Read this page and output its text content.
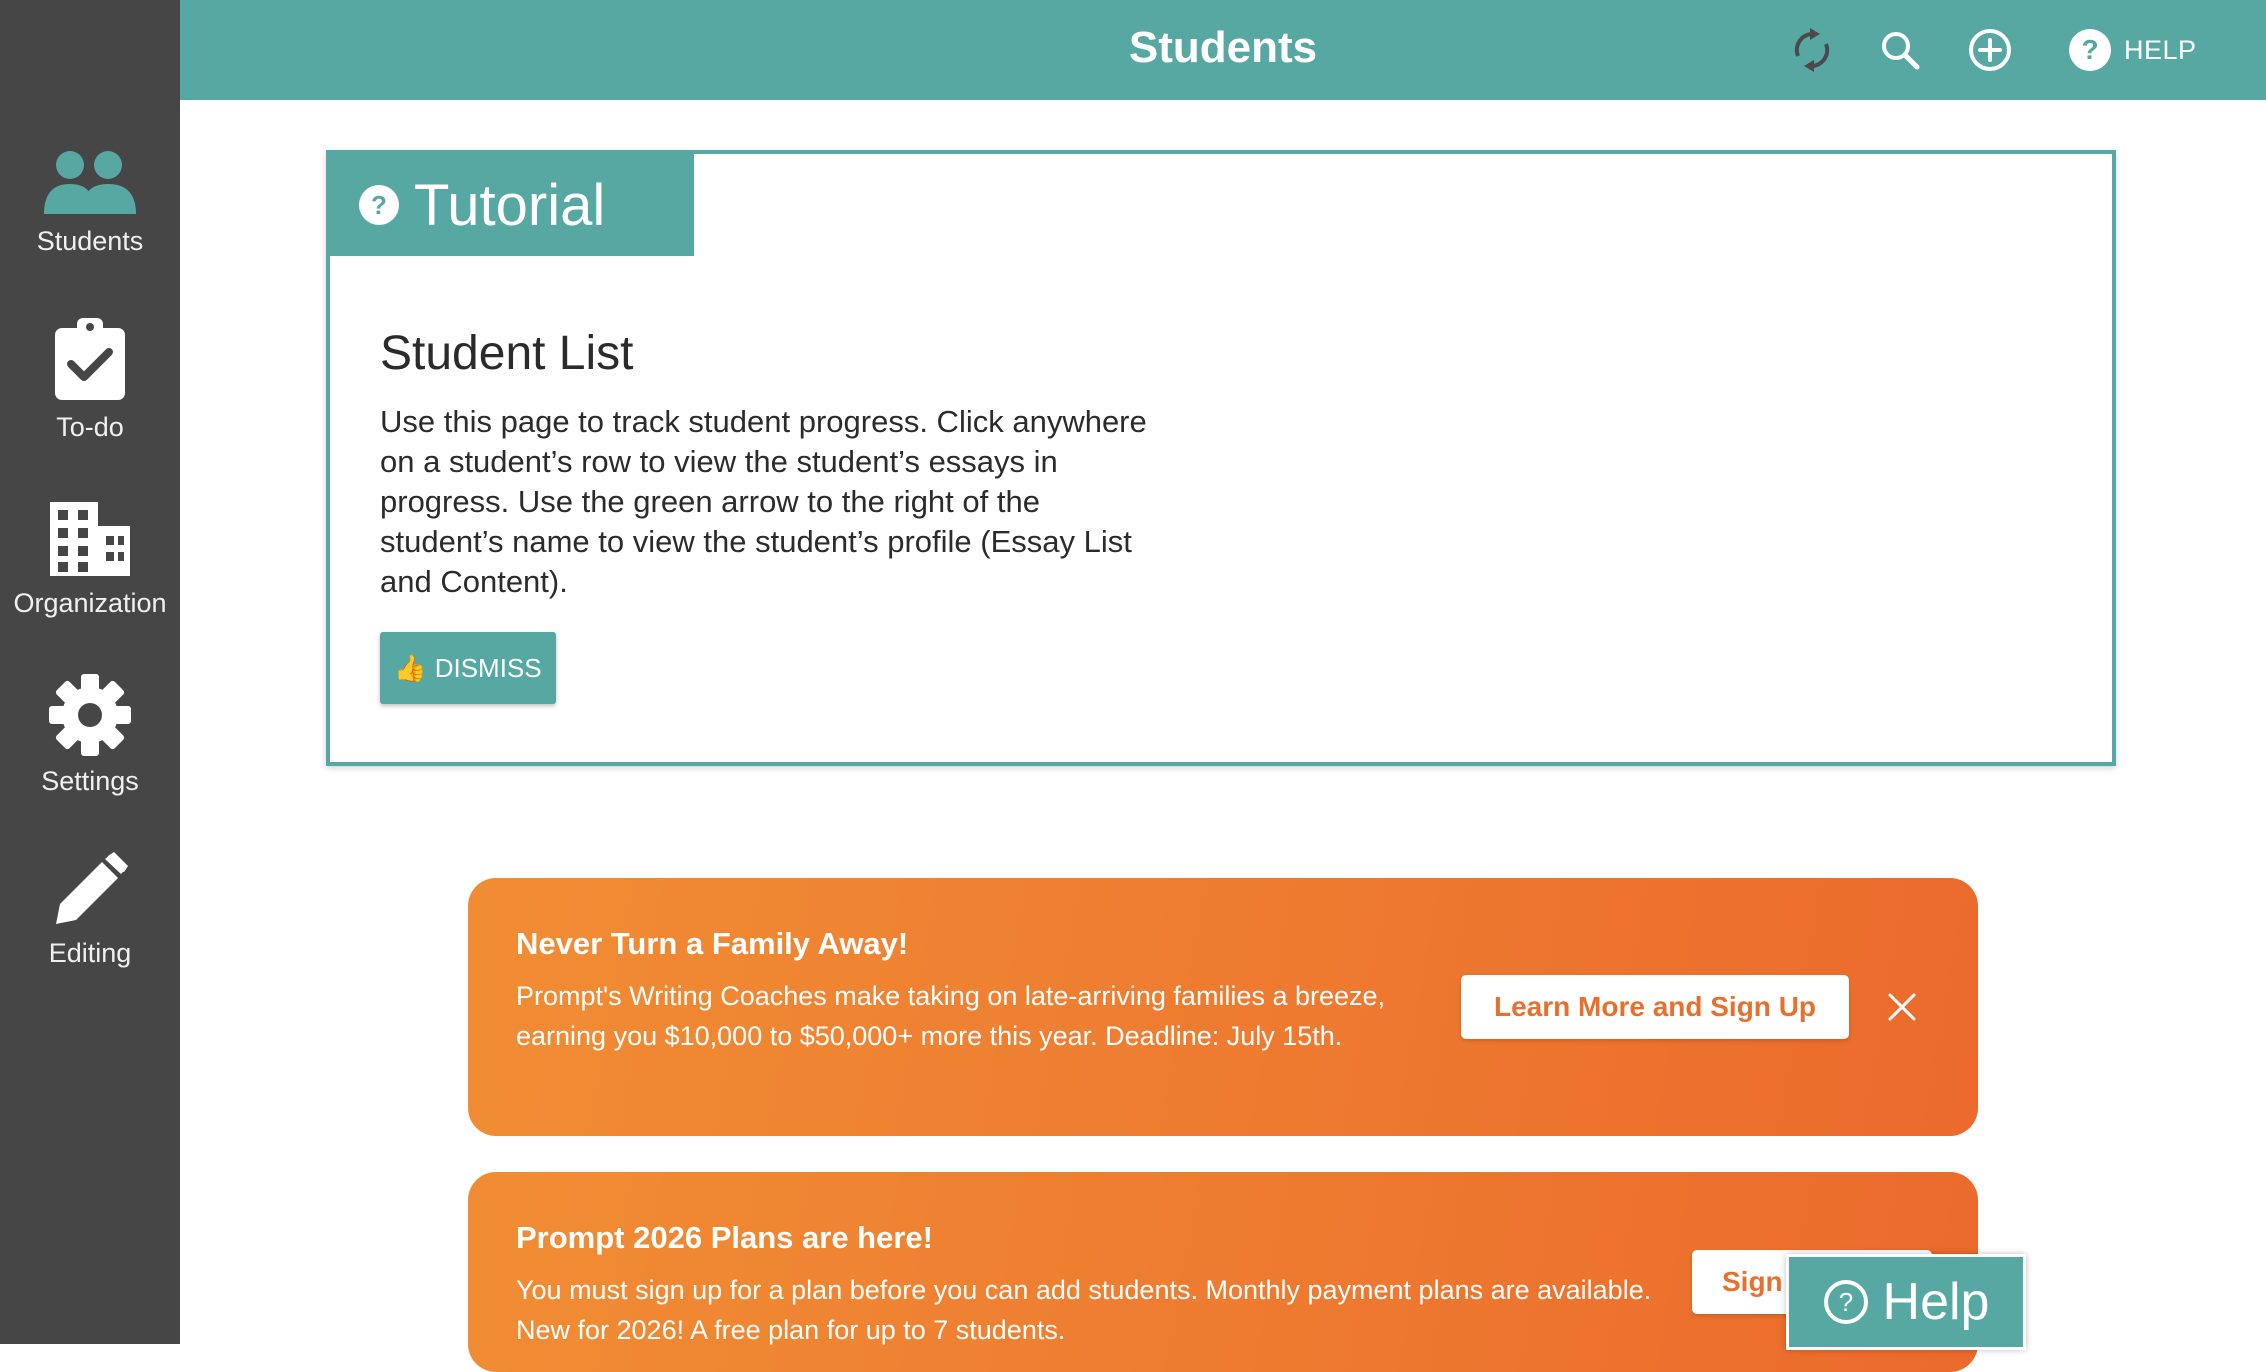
Students
To-do
Organization
Settings
Editing
Students	? HELP
? Tutorial
Student List

Use this page to track student progress. Click anywhere on a student’s row to view the student’s essays in progress. Use the green arrow to the right of the student’s name to view the student’s profile (Essay List and Content).

👍 DISMISS
Never Turn a Family Away!

Prompt's Writing Coaches make taking on late-arriving families a breeze, earning you $10,000 to $50,000+ more this year. Deadline: July 15th.

Learn More and Sign Up
Prompt 2026 Plans are here!

You must sign up for a plan before you can add students. Monthly payment plans are available. New for 2026! A free plan for up to 7 students.

Sign
? Help
